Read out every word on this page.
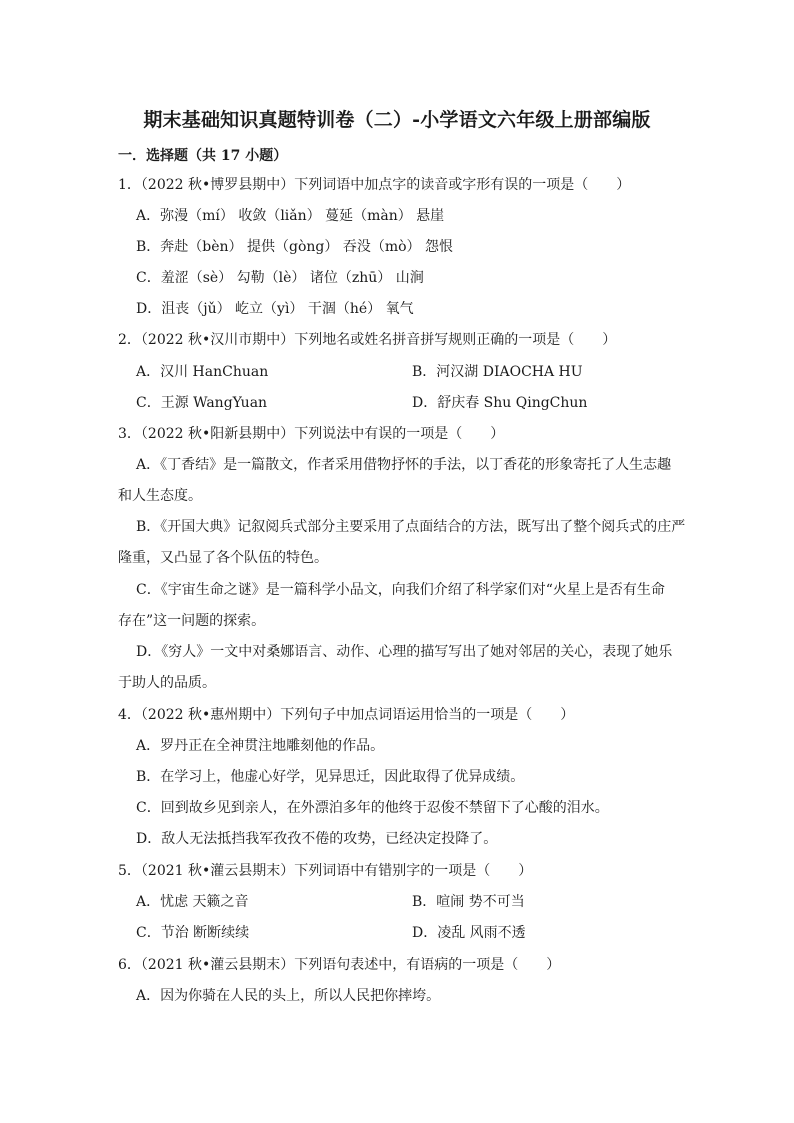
期末基础知识真题特训卷（二）-小学语文六年级上册部编版
一．选择题（共 17 小题）
1．（2022 秋•博罗县期中）下列词语中加点字的读音或字形有误的一项是（　　）
A．弥漫（mí） 收敛（liǎn） 蔓延（màn） 悬崖
B．奔赴（bèn） 提供（gòng） 吞没（mò） 怨恨
C．羞涩（sè） 勾勒（lè） 诸位（zhū） 山涧
D．沮丧（jǔ） 屹立（yì） 干涸（hé） 氧气
2．（2022 秋•汉川市期中）下列地名或姓名拼音拼写规则正确的一项是（　　）
A．汉川 HanChuan	B．河汉湖 DIAOCHA HU
C．王源 WangYuan	D．舒庆春 Shu QingChun
3．（2022 秋•阳新县期中）下列说法中有误的一项是（　　）
A．《丁香结》是一篇散文，作者采用借物抒怀的手法，以丁香花的形象寄托了人生志趣
和人生态度。
B．《开国大典》记叙阅兵式部分主要采用了点面结合的方法，既写出了整个阅兵式的庄严
隆重，又凸显了各个队伍的特色。
C．《宇宙生命之谜》是一篇科学小品文，向我们介绍了科学家们对“火星上是否有生命
存在”这一问题的探索。
D．《穷人》一文中对桑娜语言、动作、心理的描写写出了她对邻居的关心，表现了她乐
于助人的品质。
4．（2022 秋•惠州期中）下列句子中加点词语运用恰当的一项是（　　）
A．罗丹正在全神贯注地雕刻他的作品。
B．在学习上，他虚心好学，见异思迁，因此取得了优异成绩。
C．回到故乡见到亲人，在外漂泊多年的他终于忍俊不禁留下了心酸的泪水。
D．敌人无法抵挡我军孜孜不倦的攻势，已经决定投降了。
5．（2021 秋•灌云县期末）下列词语中有错别字的一项是（　　）
A．忧虑 天籁之音	B．喧闹 势不可当
C．节治 断断续续	D．凌乱 风雨不透
6．（2021 秋•灌云县期末）下列语句表述中，有语病的一项是（　　）
A．因为你骑在人民的头上，所以人民把你摔垮。
